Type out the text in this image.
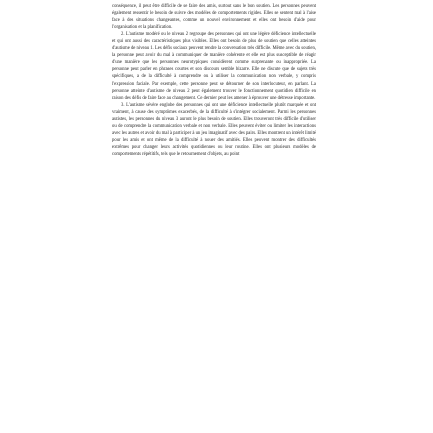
conséquence, il peut être difficile de se faire des amis, surtout sans le bon soutien. Les personnes peuvent également ressentir le besoin de suivre des modèles de comportements rigides. Elles se sentent mal à l'aise face à des situations changeantes, comme un nouvel environnement et elles ont besoin d'aide pour l'organisation et la planification.

2. L'autisme modéré ou le niveau 2 regroupe des personnes qui ont une légère déficience intellectuelle et qui ont aussi des caractéristiques plus visibles. Elles ont besoin de plus de soutien que celles atteintes d'autisme de niveau 1. Les défis sociaux peuvent rendre la conversation très difficile. Même avec du soutien, la personne peut avoir du mal à communiquer de manière cohérente et elle est plus susceptible de réagir d'une manière que les personnes neurotypiques considèrent comme surprenante ou inappropriée. La personne peut parler en phrases courtes et son discours semble bizarre. Elle ne discute que de sujets très spécifiques, a de la difficulté à comprendre ou à utiliser la communication non verbale, y compris l'expression faciale. Par exemple, cette personne peut se détourner de son interlocuteur, en parlant. La personne atteinte d'autisme de niveau 2 peut également trouver le fonctionnement quotidien difficile en raison des défis de faire face au changement. Ce dernier peut les amener à éprouver une détresse importante.

3. L'autisme sévère englobe des personnes qui ont une déficience intellectuelle plutôt marquée et ont vraiment, à cause des symptômes exacerbés, de la difficulté à s'intégrer socialement. Parmi les personnes autistes, les personnes du niveau 3 auront le plus besoin de soutien. Elles trouveront très difficile d'utiliser ou de comprendre la communication verbale et non verbale. Elles peuvent éviter ou limiter les interactions avec les autres et avoir du mal à participer à un jeu imaginatif avec des pairs. Elles montrent un intérêt limité pour les amis et ont même de la difficulté à nouer des amitiés. Elles peuvent montrer des difficultés extrêmes pour changer leurs activités quotidiennes ou leur routine. Elles ont plusieurs modèles de comportements répétitifs, tels que le retournement d'objets, au point
